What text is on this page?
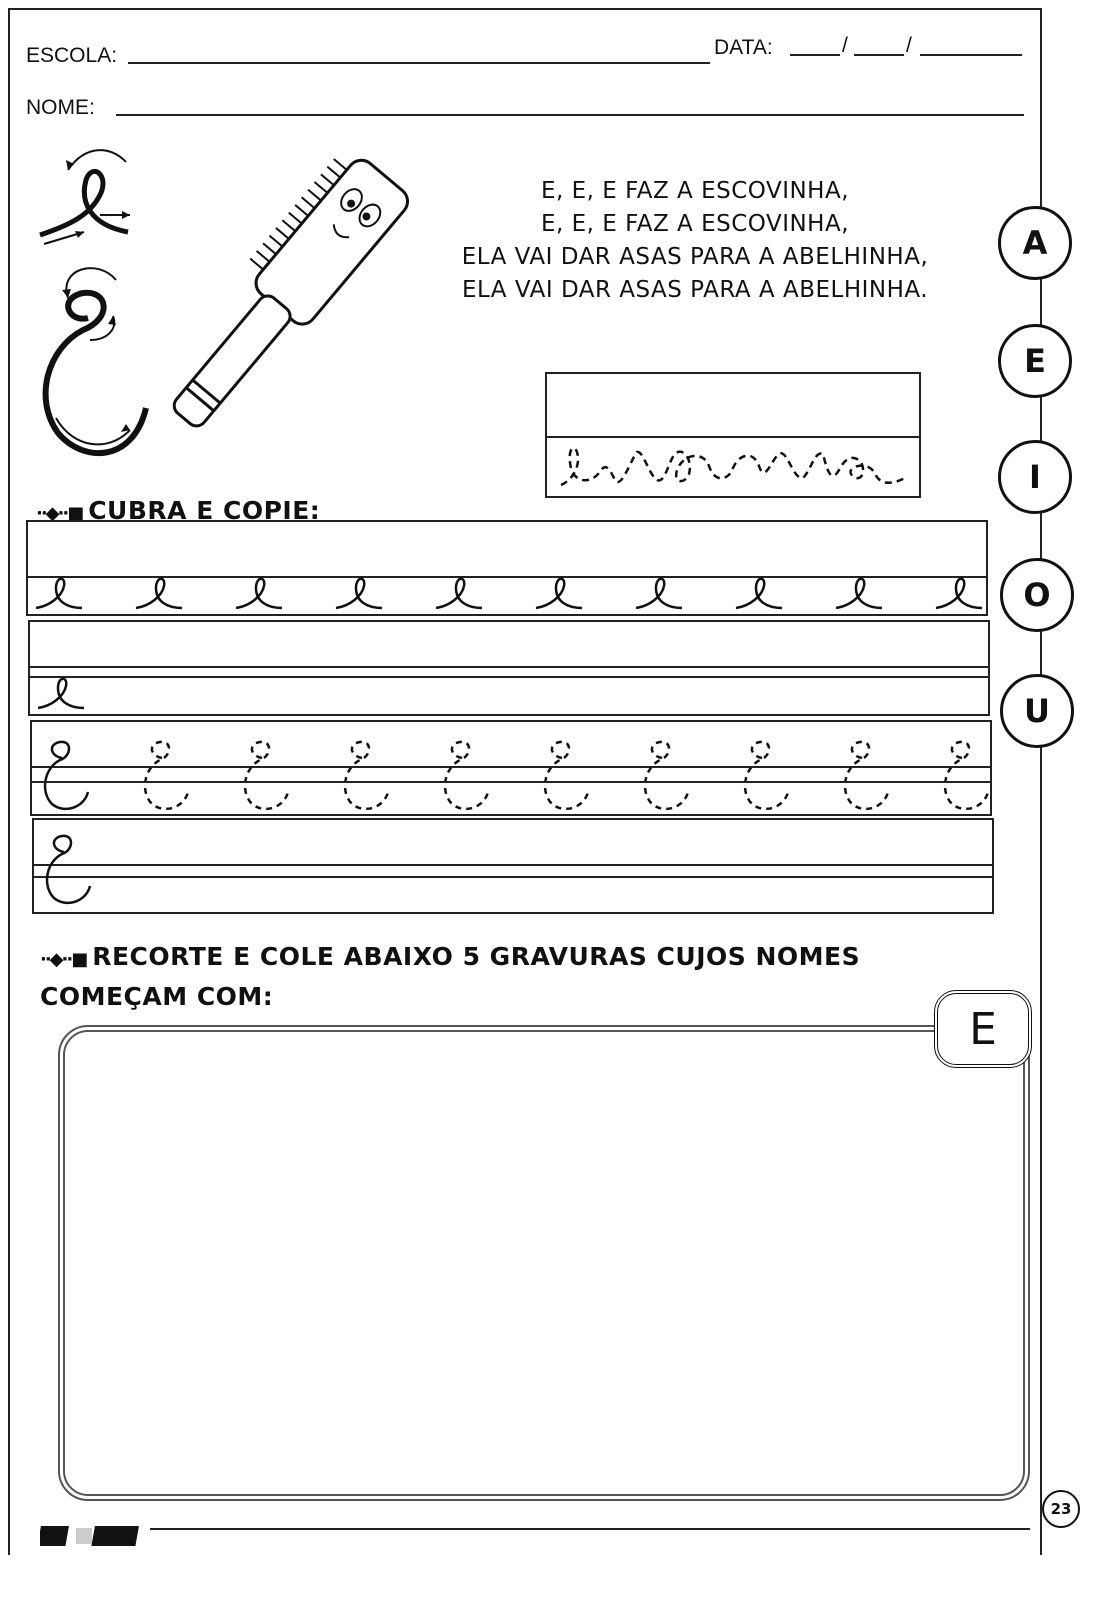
ESCOLA:	DATA:	/	/
NOME:
E, E, E FAZ A ESCOVINHA,
E, E, E FAZ A ESCOVINHA,
ELA VAI DAR ASAS PARA A ABELHINHA,
ELA VAI DAR ASAS PARA A ABELHINHA.
A
E
I
O
U
··◆··■ CUBRA E COPIE:
··◆··■ RECORTE E COLE ABAIXO 5 GRAVURAS CUJOS NOMES
COMEÇAM COM:
E
23
